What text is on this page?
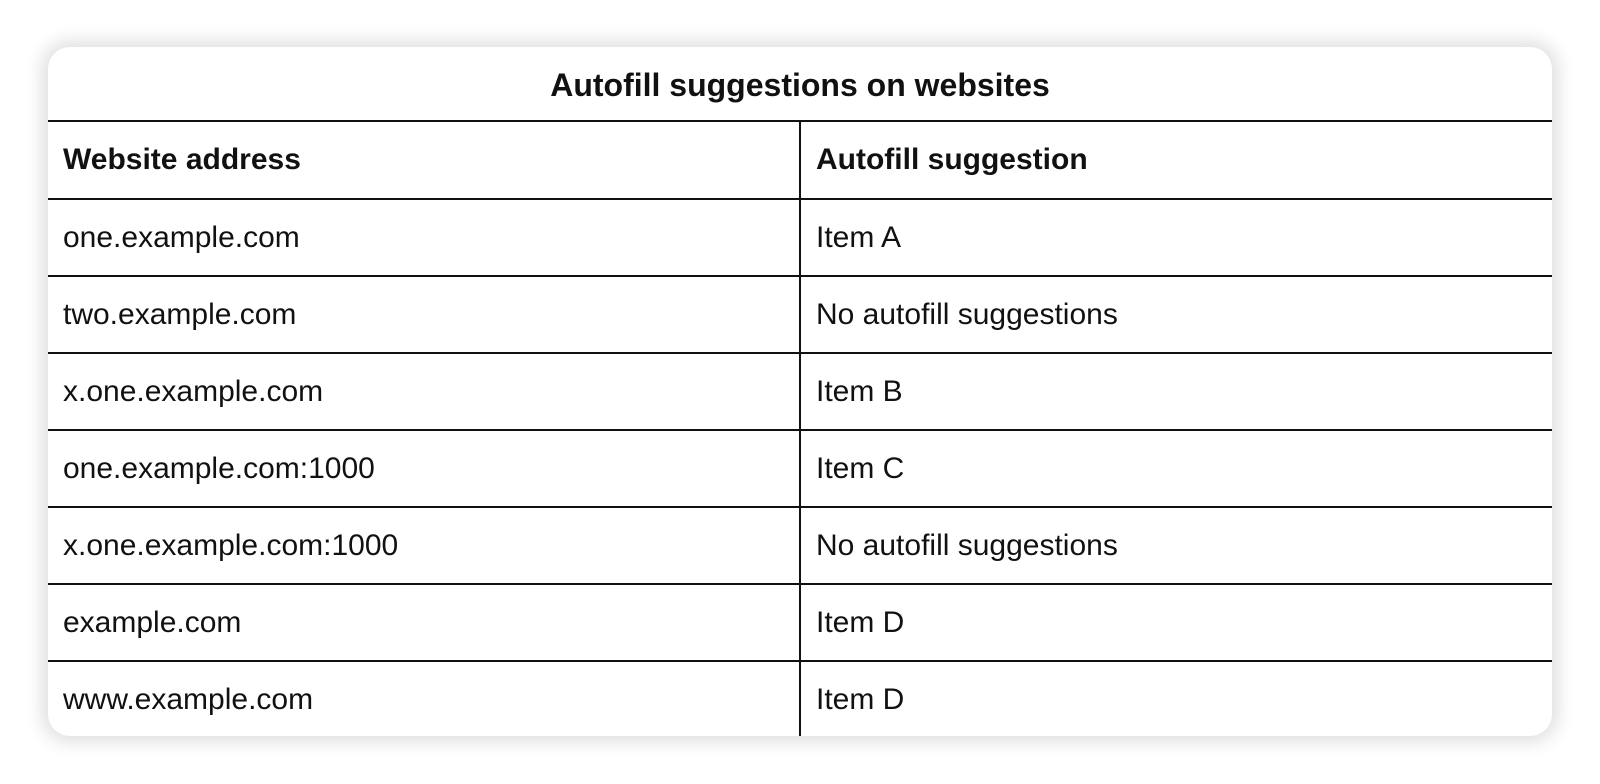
Autofill suggestions on websites
Website address	Autofill suggestion
one.example.com	Item A
two.example.com	No autofill suggestions
x.one.example.com	Item B
one.example.com:1000	Item C
x.one.example.com:1000	No autofill suggestions
example.com	Item D
www.example.com	Item D
